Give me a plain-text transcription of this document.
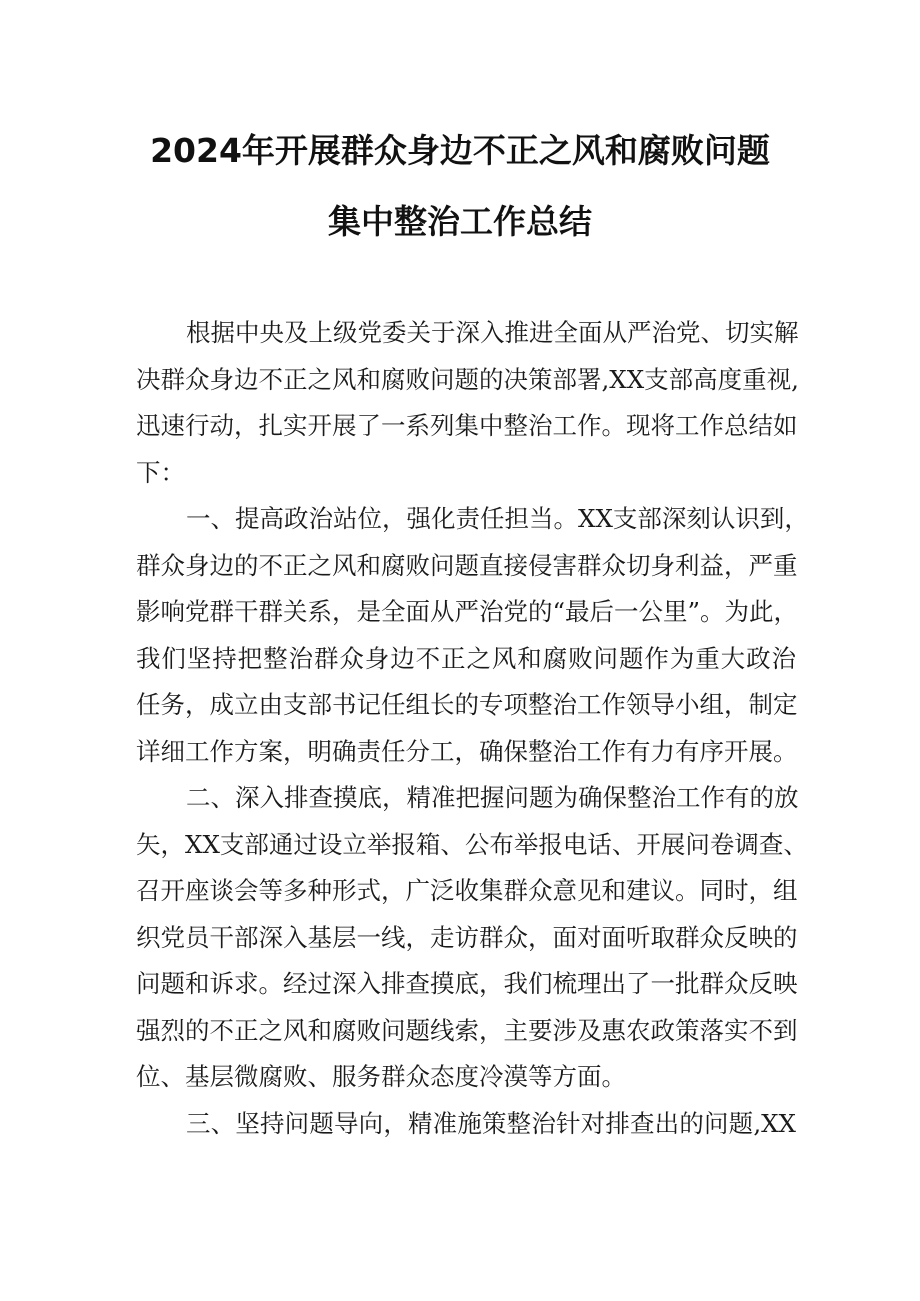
2024年开展群众身边不正之风和腐败问题
集中整治工作总结
根据中央及上级党委关于深入推进全面从严治党、切实解
决群众身边不正之风和腐败问题的决策部署,XX支部高度重视,
迅速行动，扎实开展了一系列集中整治工作。现将工作总结如
下：
一、提高政治站位，强化责任担当。XX支部深刻认识到，
群众身边的不正之风和腐败问题直接侵害群众切身利益，严重
影响党群干群关系，是全面从严治党的“最后一公里”。为此，
我们坚持把整治群众身边不正之风和腐败问题作为重大政治
任务，成立由支部书记任组长的专项整治工作领导小组，制定
详细工作方案，明确责任分工，确保整治工作有力有序开展。
二、深入排查摸底，精准把握问题为确保整治工作有的放
矢，XX支部通过设立举报箱、公布举报电话、开展问卷调查、
召开座谈会等多种形式，广泛收集群众意见和建议。同时，组
织党员干部深入基层一线，走访群众，面对面听取群众反映的
问题和诉求。经过深入排查摸底，我们梳理出了一批群众反映
强烈的不正之风和腐败问题线索，主要涉及惠农政策落实不到
位、基层微腐败、服务群众态度冷漠等方面。
三、坚持问题导向，精准施策整治针对排查出的问题,XX
